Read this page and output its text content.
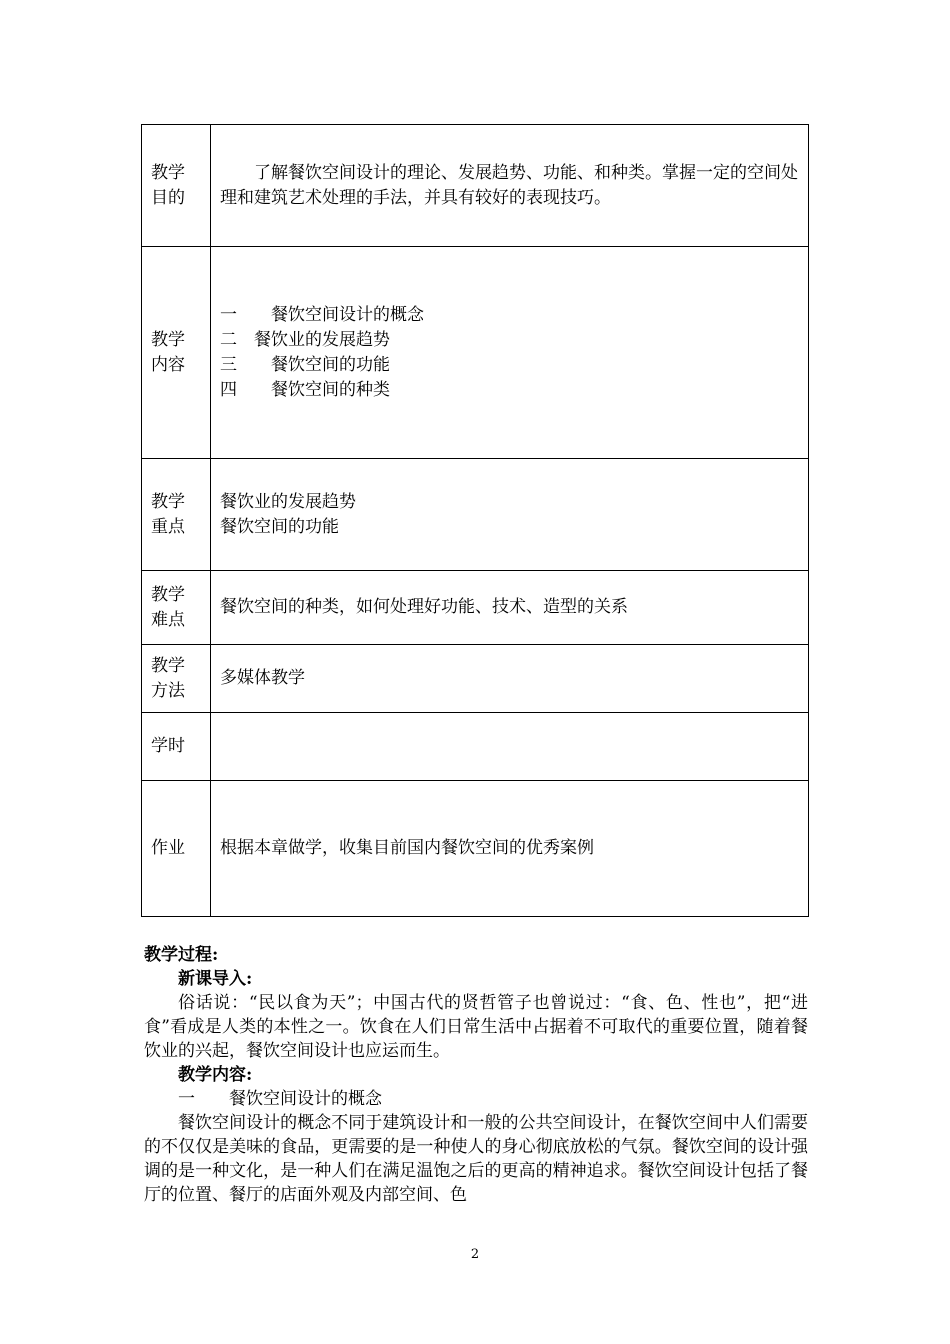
教学目的	了解餐饮空间设计的理论、发展趋势、功能、和种类。掌握一定的空间处理和建筑艺术处理的手法，并具有较好的表现技巧。

教学内容	一　　餐饮空间设计的概念
二　餐饮业的发展趋势
三　　餐饮空间的功能
四　　餐饮空间的种类

教学重点	餐饮业的发展趋势
餐饮空间的功能

教学难点	餐饮空间的种类，如何处理好功能、技术、造型的关系

教学方法	多媒体教学

学时	

作业	根据本章做学，收集目前国内餐饮空间的优秀案例
教学过程:
新课导入:
俗话说：“民以食为天”；中国古代的贤哲管子也曾说过：“食、色、性也”，把“进食”看成是人类的本性之一。饮食在人们日常生活中占据着不可取代的重要位置，随着餐饮业的兴起，餐饮空间设计也应运而生。
教学内容:
一　　餐饮空间设计的概念
餐饮空间设计的概念不同于建筑设计和一般的公共空间设计，在餐饮空间中人们需要的不仅仅是美味的食品，更需要的是一种使人的身心彻底放松的气氛。餐饮空间的设计强调的是一种文化，是一种人们在满足温饱之后的更高的精神追求。餐饮空间设计包括了餐厅的位置、餐厅的店面外观及内部空间、色
2
